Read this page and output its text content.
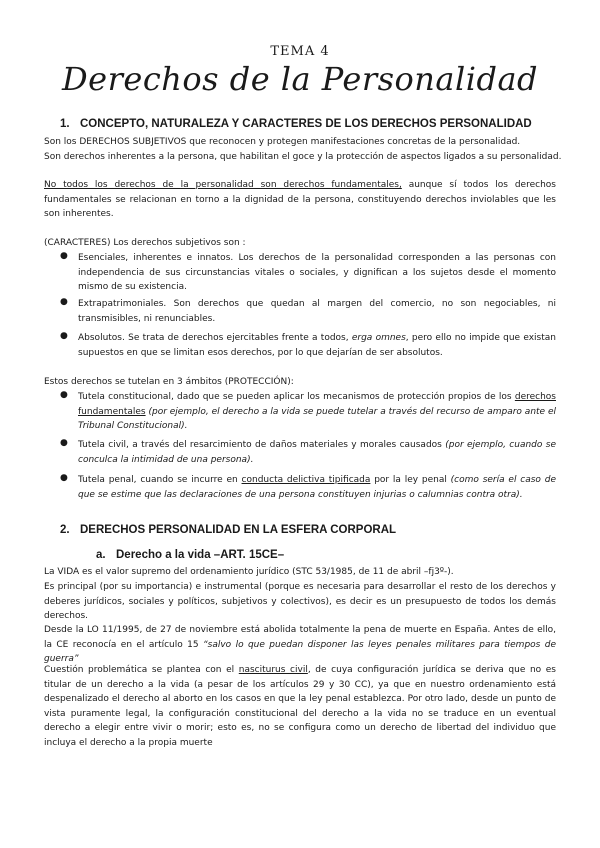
TEMA 4
Derechos de la Personalidad
1. CONCEPTO, NATURALEZA Y CARACTERES DE LOS DERECHOS PERSONALIDAD
Son los DERECHOS SUBJETIVOS que reconocen y protegen manifestaciones concretas de la personalidad.
Son derechos inherentes a la persona, que habilitan el goce y la protección de aspectos ligados a su personalidad.
No todos los derechos de la personalidad son derechos fundamentales, aunque sí todos los derechos fundamentales se relacionan en torno a la dignidad de la persona, constituyendo derechos inviolables que les son inherentes.
(CARACTERES) Los derechos subjetivos son :
● Esenciales, inherentes e innatos. Los derechos de la personalidad corresponden a las personas con independencia de sus circunstancias vitales o sociales, y dignifican a los sujetos desde el momento mismo de su existencia.
● Extrapatrimoniales. Son derechos que quedan al margen del comercio, no son negociables, ni transmisibles, ni renunciables.
● Absolutos. Se trata de derechos ejercitables frente a todos, erga omnes, pero ello no impide que existan supuestos en que se limitan esos derechos, por lo que dejarían de ser absolutos.
Estos derechos se tutelan en 3 ámbitos (PROTECCIÓN):
● Tutela constitucional, dado que se pueden aplicar los mecanismos de protección propios de los derechos fundamentales (por ejemplo, el derecho a la vida se puede tutelar a través del recurso de amparo ante el Tribunal Constitucional).
● Tutela civil, a través del resarcimiento de daños materiales y morales causados (por ejemplo, cuando se conculca la intimidad de una persona).
● Tutela penal, cuando se incurre en conducta delictiva tipificada por la ley penal (como sería el caso de que se estime que las declaraciones de una persona constituyen injurias o calumnias contra otra).
2. DERECHOS PERSONALIDAD EN LA ESFERA CORPORAL
a. Derecho a la vida –ART. 15CE–
La VIDA es el valor supremo del ordenamiento jurídico (STC 53/1985, de 11 de abril –fj3º-).
Es principal (por su importancia) e instrumental (porque es necesaria para desarrollar el resto de los derechos y deberes jurídicos, sociales y políticos, subjetivos y colectivos), es decir es un presupuesto de todos los demás derechos.
Desde la LO 11/1995, de 27 de noviembre está abolida totalmente la pena de muerte en España. Antes de ello, la CE reconocía en el artículo 15 “salvo lo que puedan disponer las leyes penales militares para tiempos de guerra”
Cuestión problemática se plantea con el nasciturus civil, de cuya configuración jurídica se deriva que no es titular de un derecho a la vida (a pesar de los artículos 29 y 30 CC), ya que en nuestro ordenamiento está despenalizado el derecho al aborto en los casos en que la ley penal establezca. Por otro lado, desde un punto de vista puramente legal, la configuración constitucional del derecho a la vida no se traduce en un eventual derecho a elegir entre vivir o morir; esto es, no se configura como un derecho de libertad del individuo que incluya el derecho a la propia muerte
